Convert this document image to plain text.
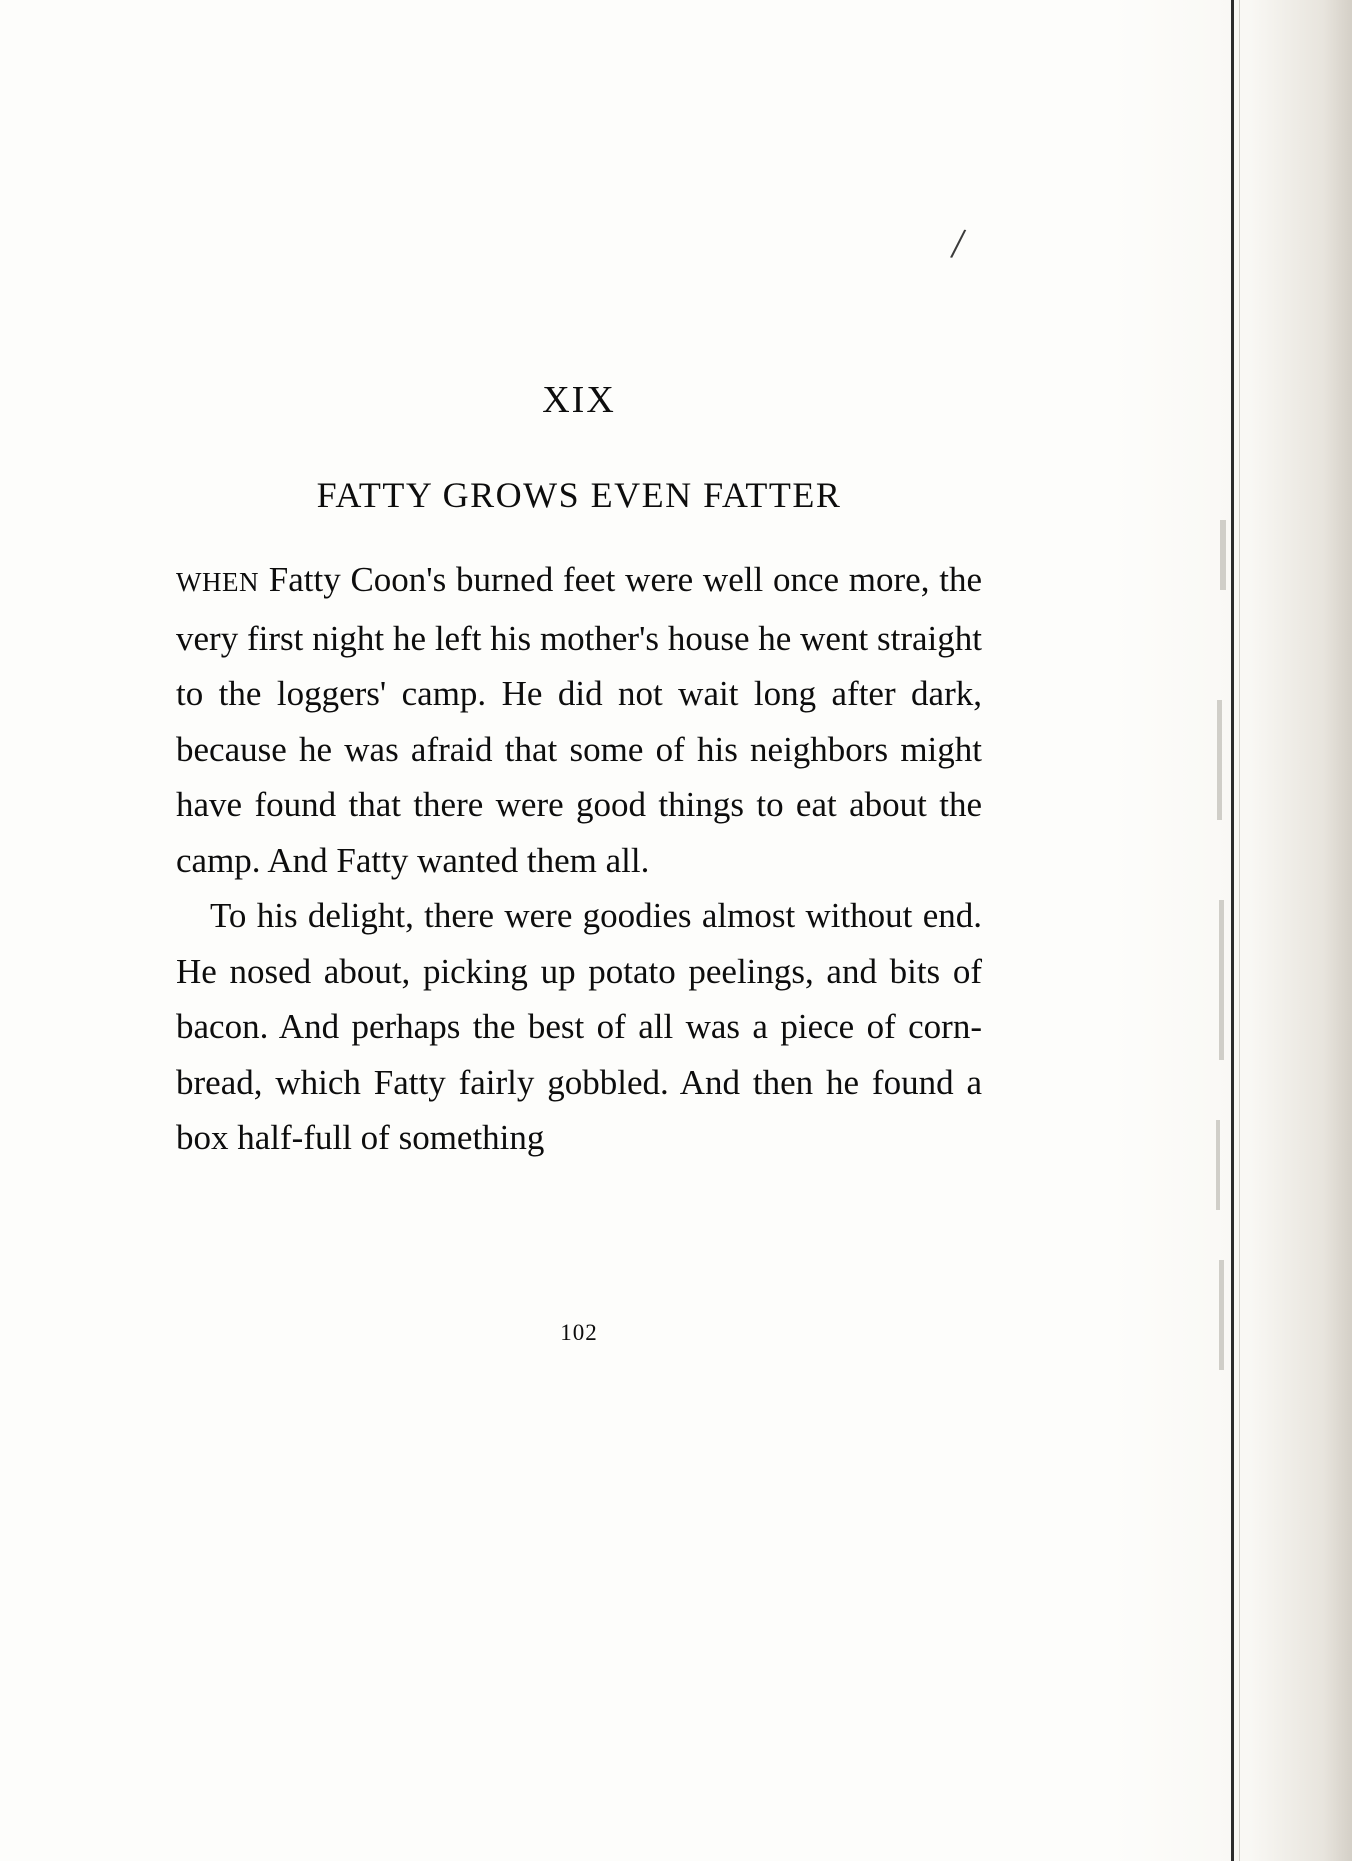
/
XIX
FATTY GROWS EVEN FATTER

WHEN Fatty Coon's burned feet were well once more, the very first night he left his mother's house he went straight to the loggers' camp. He did not wait long after dark, because he was afraid that some of his neighbors might have found that there were good things to eat about the camp. And Fatty wanted them all.

To his delight, there were goodies almost without end. He nosed about, picking up potato peelings, and bits of bacon. And perhaps the best of all was a piece of corn-bread, which Fatty fairly gobbled. And then he found a box half-full of something

102
